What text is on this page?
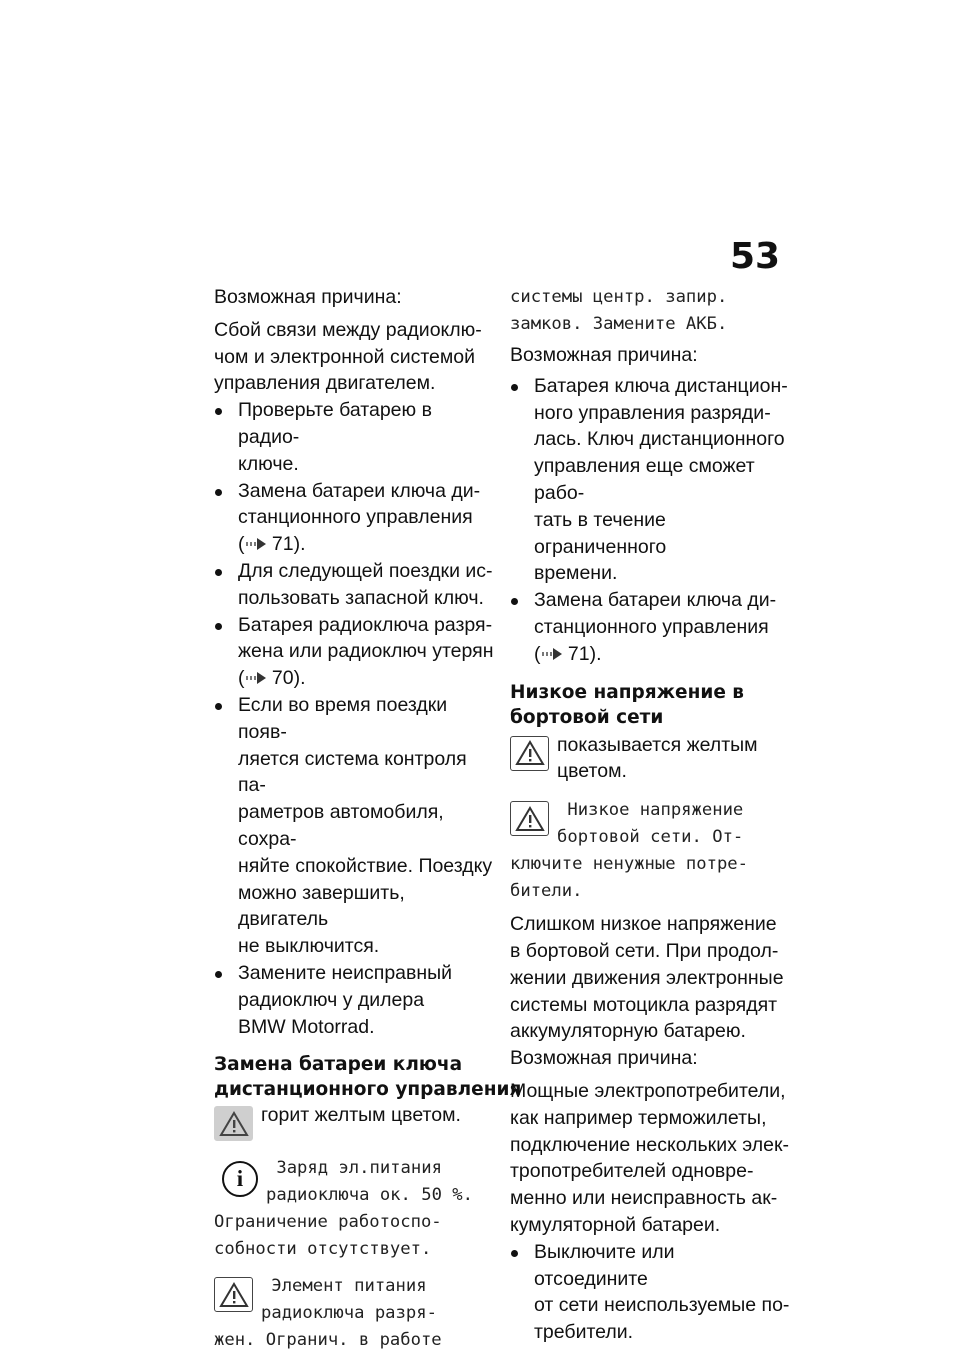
53
Возможная причина:
Сбой связи между радиоклю-
чом и электронной системой
управления двигателем.
Проверьте батарею в радио-
ключе.
Замена батареи ключа ди-
станционного управления
( 71).
Для следующей поездки ис-
пользовать запасной ключ.
Батарея радиоключа разря-
жена или радиоключ утерян
( 70).
Если во время поездки появ-
ляется система контроля па-
раметров автомобиля, сохра-
няйте спокойствие. Поездку
можно завершить, двигатель
не выключится.
Замените неисправный
радиоключ у дилера
BMW Motorrad.
Замена батареи ключа
дистанционного управления
горит желтым цветом.
i	Заряд эл.питания
радиоключа ок. 50 %.
Ограничение работоспо-
собности отсутствует.
Элемент питания
радиоключа разря-
жен. Огранич. в работе
системы центр. запир.
замков. Замените АКБ.
Возможная причина:
Батарея ключа дистанцион-
ного управления разряди-
лась. Ключ дистанционного
управления еще сможет рабо-
тать в течение ограниченного
времени.
Замена батареи ключа ди-
станционного управления
( 71).
Низкое напряжение в
бортовой сети
показывается желтым
цветом.
Низкое напряжение
бортовой сети. От-
ключите ненужные потре-
бители.
Слишком низкое напряжение
в бортовой сети. При продол-
жении движения электронные
системы мотоцикла разрядят
аккумуляторную батарею.
Возможная причина:
Мощные электропотребители,
как например терможилеты,
подключение нескольких элек-
тропотребителей одновре-
менно или неисправность ак-
кумуляторной батареи.
Выключите или отсоедините
от сети неиспользуемые по-
требители.
